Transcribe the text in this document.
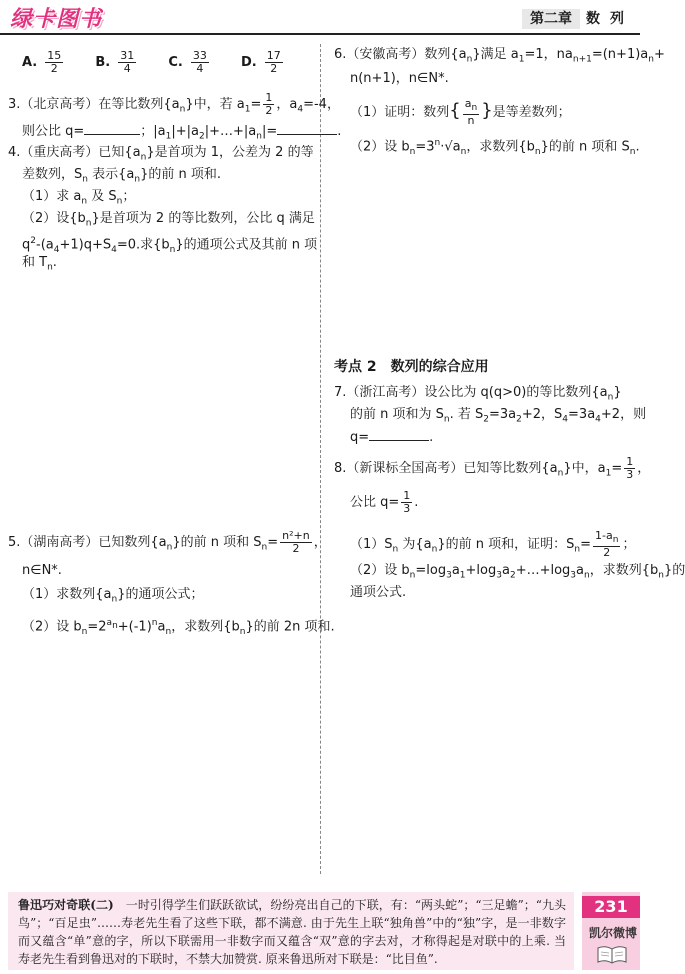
绿卡图书	第二章	数列
A. $\frac{15}{2} B$. $\frac{31}{4} C$. $\frac{33}{4} D$. $\frac{17}{2}$
3.（北京高考）在等比数列$\{a_n\}$中，若 $a_1= \frac{1}{2}$ ，$a_4=-4$，
则公比 q=	；$|a_1|+|a_2|+\dots+|a_n|=$	.
4.（重庆高考）已知$\{a_n\}$是首项为 1，公差为 2 的等
差数列，$S_n$ 表示$\{a_n\}$的前 n 项和.
（1）求 $a_n$ 及 $S_n$；
（2）设$\{b_n\}$是首项为 2 的等比数列，公比 q 满足
$q^2-(a_4+1)q+S_4=0$.求$\{b_n\}$的通项公式及其前 n 项
和 $T_n$.
5.（湖南高考）已知数列$\{a_n\}$的前 n 项和 $S_n= \frac{\text{n²+n}}{2}$ ，
n∈N*.
（1）求数列$\{a_n\}$的通项公式；
（2）设 $b_n=2^{a_n}+(-1)^na_n$，求数列$\{b_n\}$的前 2n 项和.
6.（安徽高考）数列$\{a_n\}$满足 $a_1=1$，$na_{n+1}=(n+1)a_n+$
n(n+1)，n∈N*.
（1）证明：数列{ $\frac{a_n}{n}$ }是等差数列；
（2）设 $b_n=3^n\cdot√a_n$，求数列$\{b_n\}$的前 n 项和 $S_n$.
考点 2　数列的综合应用
7.（浙江高考）设公比为 q(q>0)的等比数列$\{a_n\}$
的前 n 项和为 $S_n$. 若 $S_2=3a_2+2$，$S_4=3a_4+2$，则
q=	.
8.（新课标全国高考）已知等比数列$\{a_n\}$中，$a_1= \frac{1}{3}$ ，
公比 $q= \frac{1}{3}$ .
$(1)S_n$ 为$\{a_n\}$的前 n 项和，证明：$S_n= \frac{1-a_n}{2}$ ；
（2）设 $b_n=\log_3a_1+\log_3a_2+\dots+\log_3a_n$，求数列$\{b_n\}$的
通项公式.
鲁迅巧对奇联(二)　一时引得学生们跃跃欲试，纷纷亮出自己的下联，有：“两头蛇”；“三足蟾”；“九头鸟”；“百足虫”……寿老先生看了这些下联，都不满意. 由于先生上联“独角兽”中的“独”字，是一非数字而又蕴含“单”意的字，所以下联需用一非数字而又蕴含“双”意的字去对，才称得起是对联中的上乘. 当寿老先生看到鲁迅对的下联时，不禁大加赞赏. 原来鲁迅所对下联是：“比目鱼”.
231
凯尔微博
